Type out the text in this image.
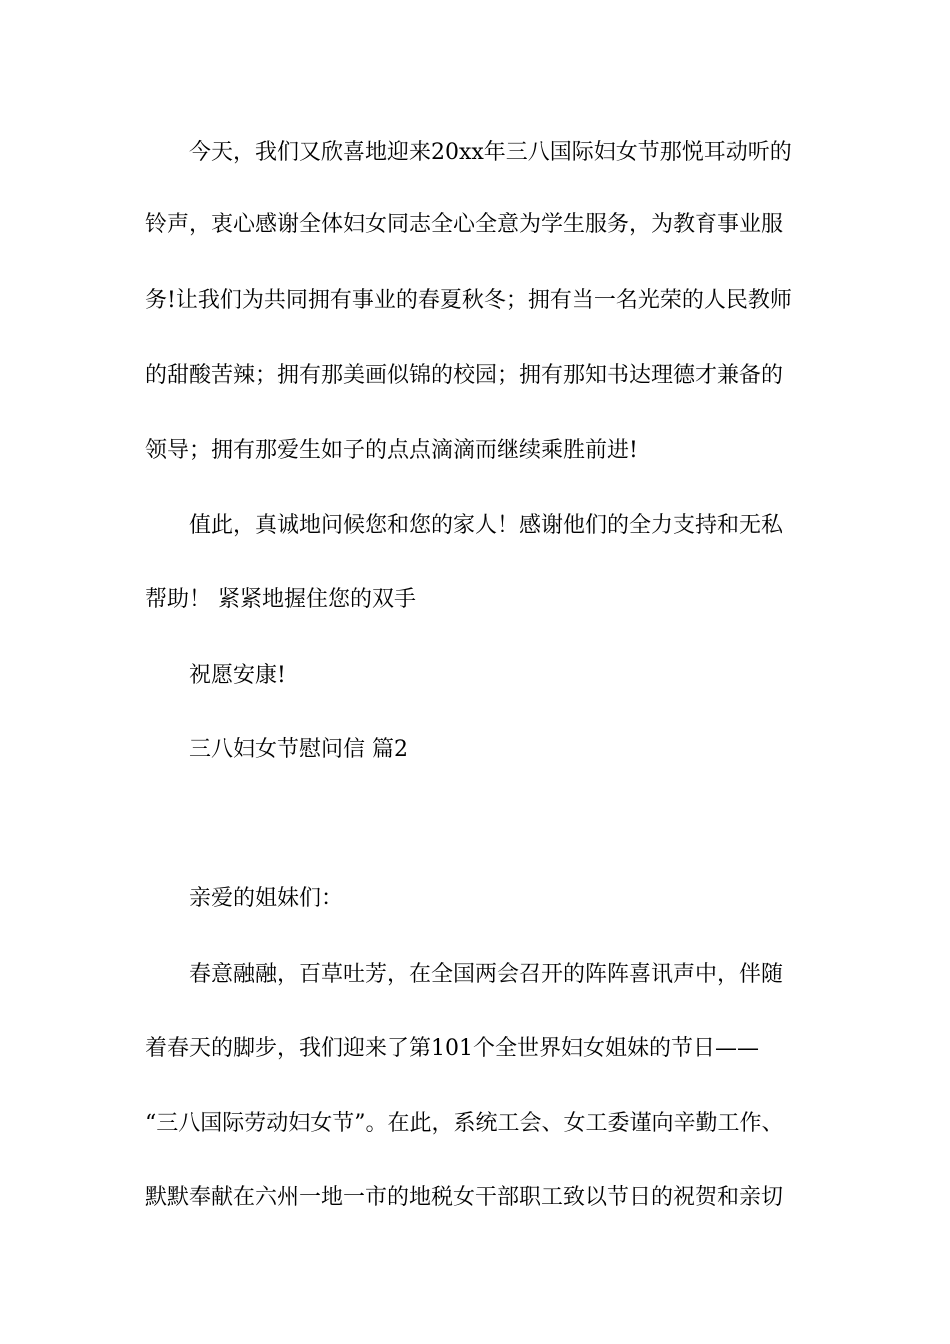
今天，我们又欣喜地迎来20xx年三八国际妇女节那悦耳动听的
铃声，衷心感谢全体妇女同志全心全意为学生服务，为教育事业服
务!让我们为共同拥有事业的春夏秋冬；拥有当一名光荣的人民教师
的甜酸苦辣；拥有那美画似锦的校园；拥有那知书达理德才兼备的
领导；拥有那爱生如子的点点滴滴而继续乘胜前进!
值此，真诚地问候您和您的家人！感谢他们的全力支持和无私
帮助！ 紧紧地握住您的双手
祝愿安康!
三八妇女节慰问信 篇2
亲爱的姐妹们：
春意融融，百草吐芳，在全国两会召开的阵阵喜讯声中，伴随
着春天的脚步，我们迎来了第101个全世界妇女姐妹的节日——
“三八国际劳动妇女节”。在此，系统工会、女工委谨向辛勤工作、
默默奉献在六州一地一市的地税女干部职工致以节日的祝贺和亲切
